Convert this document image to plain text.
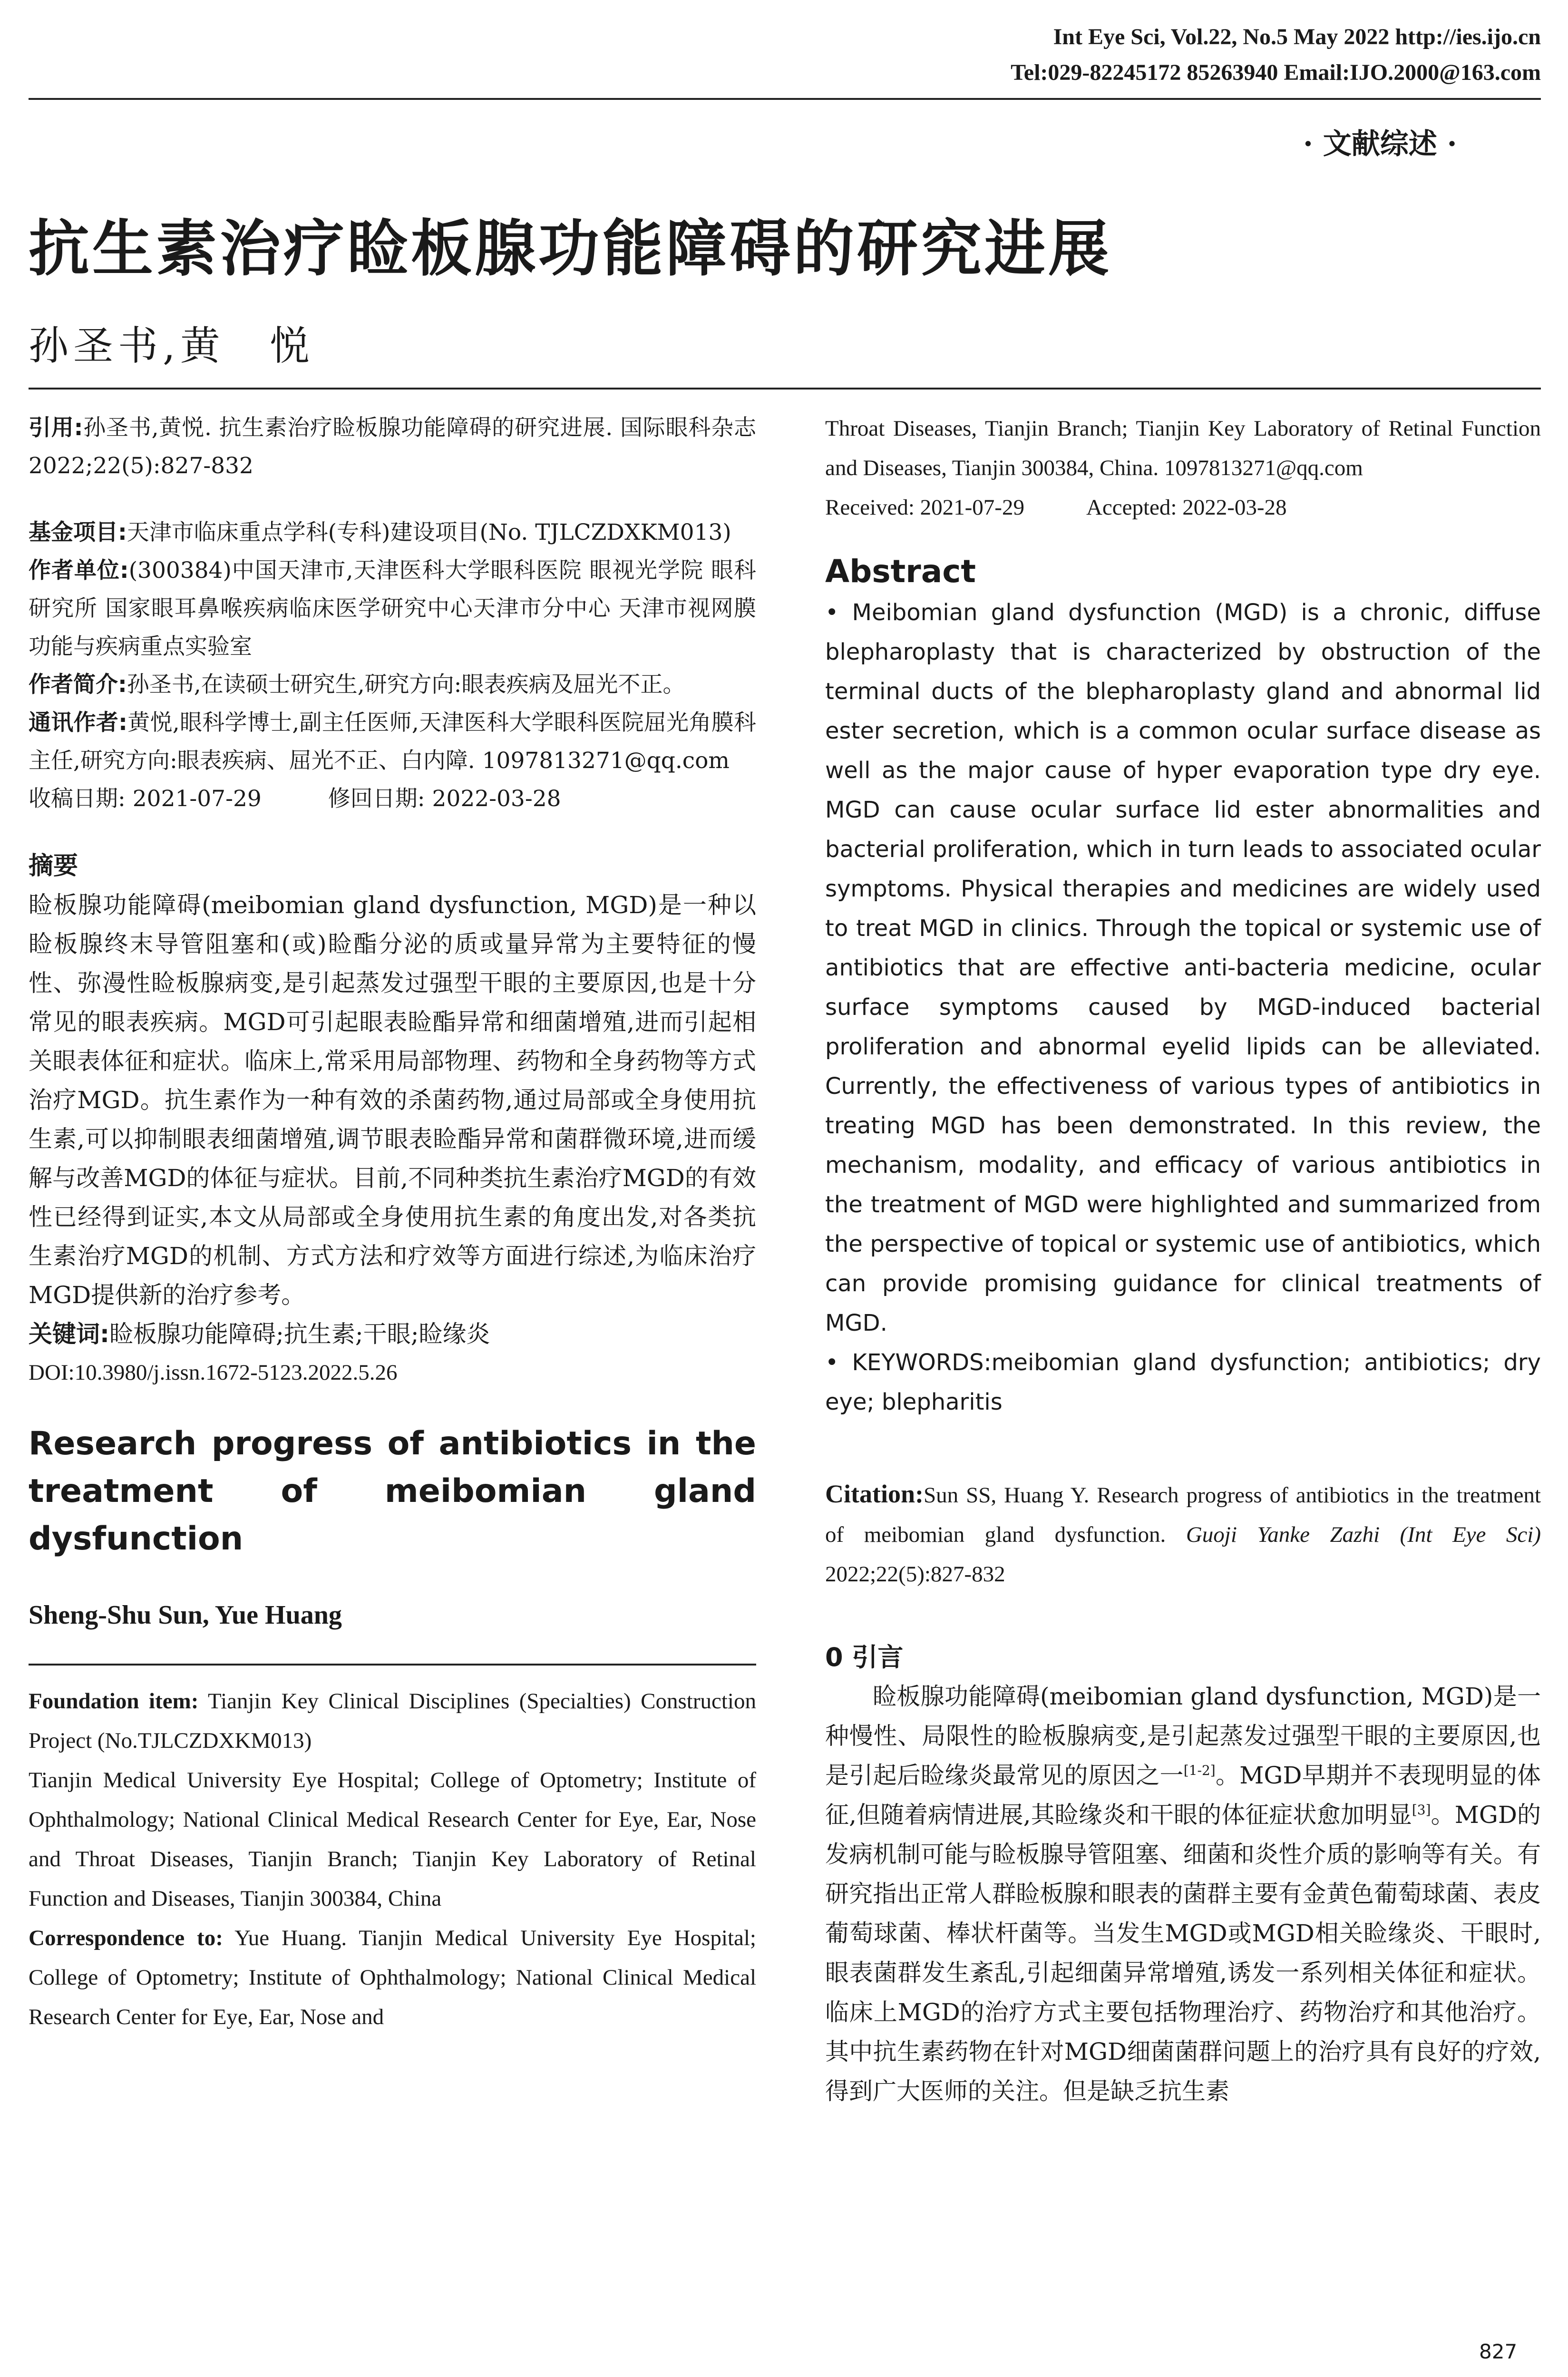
Int Eye Sci, Vol.22, No.5 May 2022 http://ies.ijo.cn
Tel:029-82245172 85263940 Email:IJO.2000@163.com
· 文献综述 ·
抗生素治疗睑板腺功能障碍的研究进展
孙圣书,黄　悦

引用:孙圣书,黄悦. 抗生素治疗睑板腺功能障碍的研究进展. 国际眼科杂志 2022;22(5):827-832

基金项目:天津市临床重点学科(专科)建设项目(No. TJLCZDXKM013)

作者单位:(300384)中国天津市,天津医科大学眼科医院 眼视光学院 眼科研究所 国家眼耳鼻喉疾病临床医学研究中心天津市分中心 天津市视网膜功能与疾病重点实验室

作者简介:孙圣书,在读硕士研究生,研究方向:眼表疾病及屈光不正。

通讯作者:黄悦,眼科学博士,副主任医师,天津医科大学眼科医院屈光角膜科主任,研究方向:眼表疾病、屈光不正、白内障. 1097813271@qq.com

收稿日期: 2021-07-29	修回日期: 2022-03-28

摘要

睑板腺功能障碍(meibomian gland dysfunction, MGD)是一种以睑板腺终末导管阻塞和(或)睑酯分泌的质或量异常为主要特征的慢性、弥漫性睑板腺病变,是引起蒸发过强型干眼的主要原因,也是十分常见的眼表疾病。MGD可引起眼表睑酯异常和细菌增殖,进而引起相关眼表体征和症状。临床上,常采用局部物理、药物和全身药物等方式治疗MGD。抗生素作为一种有效的杀菌药物,通过局部或全身使用抗生素,可以抑制眼表细菌增殖,调节眼表睑酯异常和菌群微环境,进而缓解与改善MGD的体征与症状。目前,不同种类抗生素治疗MGD的有效性已经得到证实,本文从局部或全身使用抗生素的角度出发,对各类抗生素治疗MGD的机制、方式方法和疗效等方面进行综述,为临床治疗MGD提供新的治疗参考。

关键词:睑板腺功能障碍;抗生素;干眼;睑缘炎

DOI:10.3980/j.issn.1672-5123.2022.5.26

Research progress of antibiotics in the treatment of meibomian gland dysfunction

Sheng-Shu Sun, Yue Huang

Foundation item: Tianjin Key Clinical Disciplines (Specialties) Construction Project (No.TJLCZDXKM013)

Tianjin Medical University Eye Hospital; College of Optometry; Institute of Ophthalmology; National Clinical Medical Research Center for Eye, Ear, Nose and Throat Diseases, Tianjin Branch; Tianjin Key Laboratory of Retinal Function and Diseases, Tianjin 300384, China

Correspondence to: Yue Huang. Tianjin Medical University Eye Hospital; College of Optometry; Institute of Ophthalmology; National Clinical Medical Research Center for Eye, Ear, Nose and

Throat Diseases, Tianjin Branch; Tianjin Key Laboratory of Retinal Function and Diseases, Tianjin 300384, China. 1097813271@qq.com

Received: 2021-07-29	Accepted: 2022-03-28

Abstract

• Meibomian gland dysfunction (MGD) is a chronic, diffuse blepharoplasty that is characterized by obstruction of the terminal ducts of the blepharoplasty gland and abnormal lid ester secretion, which is a common ocular surface disease as well as the major cause of hyper evaporation type dry eye. MGD can cause ocular surface lid ester abnormalities and bacterial proliferation, which in turn leads to associated ocular symptoms. Physical therapies and medicines are widely used to treat MGD in clinics. Through the topical or systemic use of antibiotics that are effective anti-bacteria medicine, ocular surface symptoms caused by MGD-induced bacterial proliferation and abnormal eyelid lipids can be alleviated. Currently, the effectiveness of various types of antibiotics in treating MGD has been demonstrated. In this review, the mechanism, modality, and efficacy of various antibiotics in the treatment of MGD were highlighted and summarized from the perspective of topical or systemic use of antibiotics, which can provide promising guidance for clinical treatments of MGD.

• KEYWORDS:meibomian gland dysfunction; antibiotics; dry eye; blepharitis

Citation:Sun SS, Huang Y. Research progress of antibiotics in the treatment of meibomian gland dysfunction. Guoji Yanke Zazhi (Int Eye Sci) 2022;22(5):827-832

0 引言

睑板腺功能障碍(meibomian gland dysfunction, MGD)是一种慢性、局限性的睑板腺病变,是引起蒸发过强型干眼的主要原因,也是引起后睑缘炎最常见的原因之一[1-2]。MGD早期并不表现明显的体征,但随着病情进展,其睑缘炎和干眼的体征症状愈加明显[3]。MGD的发病机制可能与睑板腺导管阻塞、细菌和炎性介质的影响等有关。有研究指出正常人群睑板腺和眼表的菌群主要有金黄色葡萄球菌、表皮葡萄球菌、棒状杆菌等。当发生MGD或MGD相关睑缘炎、干眼时,眼表菌群发生紊乱,引起细菌异常增殖,诱发一系列相关体征和症状。临床上MGD的治疗方式主要包括物理治疗、药物治疗和其他治疗。其中抗生素药物在针对MGD细菌菌群问题上的治疗具有良好的疗效,得到广大医师的关注。但是缺乏抗生素

827
